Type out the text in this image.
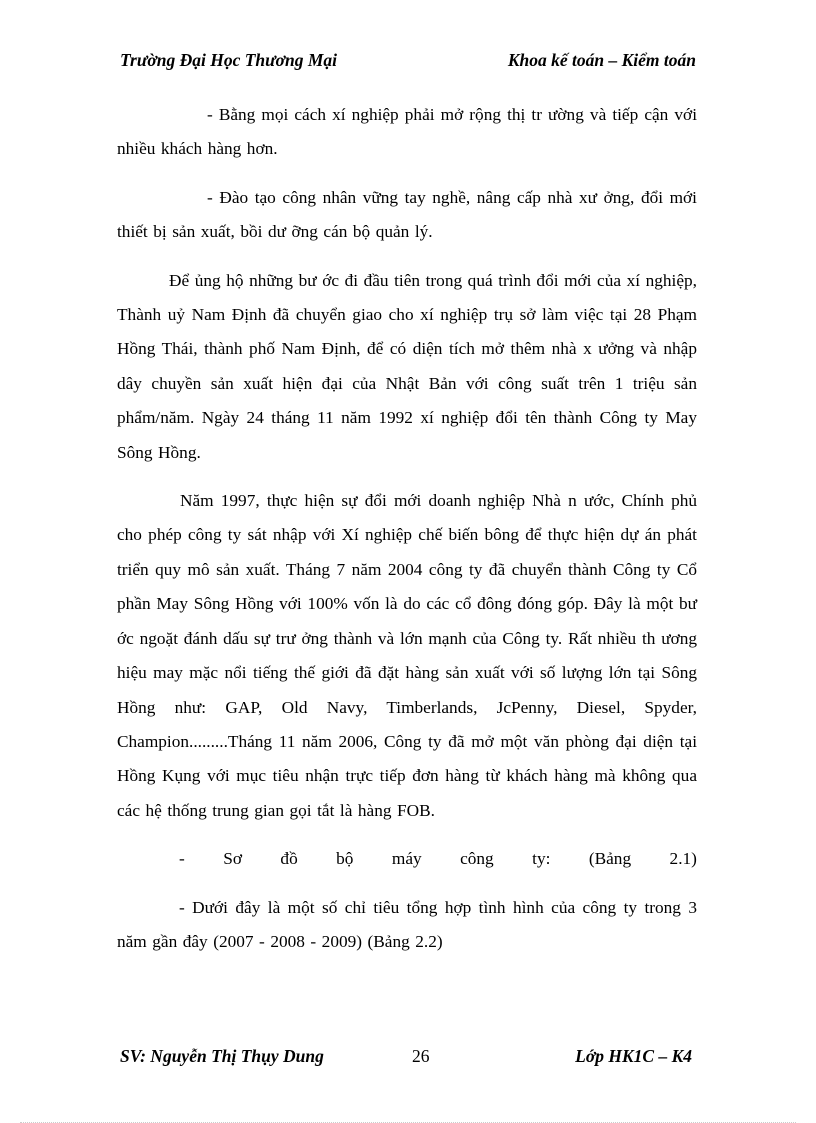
Trường Đại Học Thương Mại	Khoa kế toán – Kiểm toán

- Bằng mọi cách xí nghiệp phải mở rộng thị tr ường và tiếp cận với nhiều khách hàng hơn.

- Đào tạo công nhân vững tay nghề, nâng cấp nhà xư ởng, đổi mới thiết bị sản xuất, bồi dư ỡng cán bộ quản lý.

Để ủng hộ những bư ớc đi đầu tiên trong quá trình đổi mới của xí nghiệp, Thành uỷ Nam Định đã chuyển giao cho xí nghiệp trụ sở làm việc tại 28 Phạm Hồng Thái, thành phố Nam Định, để có diện tích mở thêm nhà x ưởng và nhập dây chuyền sản xuất hiện đại của Nhật Bản với công suất trên 1 triệu sản phẩm/năm. Ngày 24 tháng 11 năm 1992 xí nghiệp đổi tên thành Công ty May Sông Hồng.

Năm 1997, thực hiện sự đổi mới doanh nghiệp Nhà n ước, Chính phủ cho phép công ty sát nhập với Xí nghiệp chế biến bông để thực hiện dự án phát triển quy mô sản xuất. Tháng 7 năm 2004 công ty đã chuyển thành Công ty Cổ phần May Sông Hồng với 100% vốn là do các cổ đông đóng góp. Đây là một bư ớc ngoặt đánh dấu sự trư ởng thành và lớn mạnh của Công ty. Rất nhiều th ương hiệu may mặc nổi tiếng thế giới đã đặt hàng sản xuất với số lượng lớn tại Sông Hồng như: GAP, Old Navy, Timberlands, JcPenny, Diesel, Spyder, Champion.........Tháng 11 năm 2006, Công ty đã mở một văn phòng đại diện tại Hồng Kụng với mục tiêu nhận trực tiếp đơn hàng từ khách hàng mà không qua các hệ thống trung gian gọi tắt là hàng FOB.

- Sơ đồ bộ máy công ty: (Bảng 2.1)

- Dưới đây là một số chỉ tiêu tổng hợp tình hình của công ty trong 3 năm gần đây (2007 - 2008 - 2009) (Bảng 2.2)

SV: Nguyễn Thị Thụy Dung	26	Lớp HK1C – K4
